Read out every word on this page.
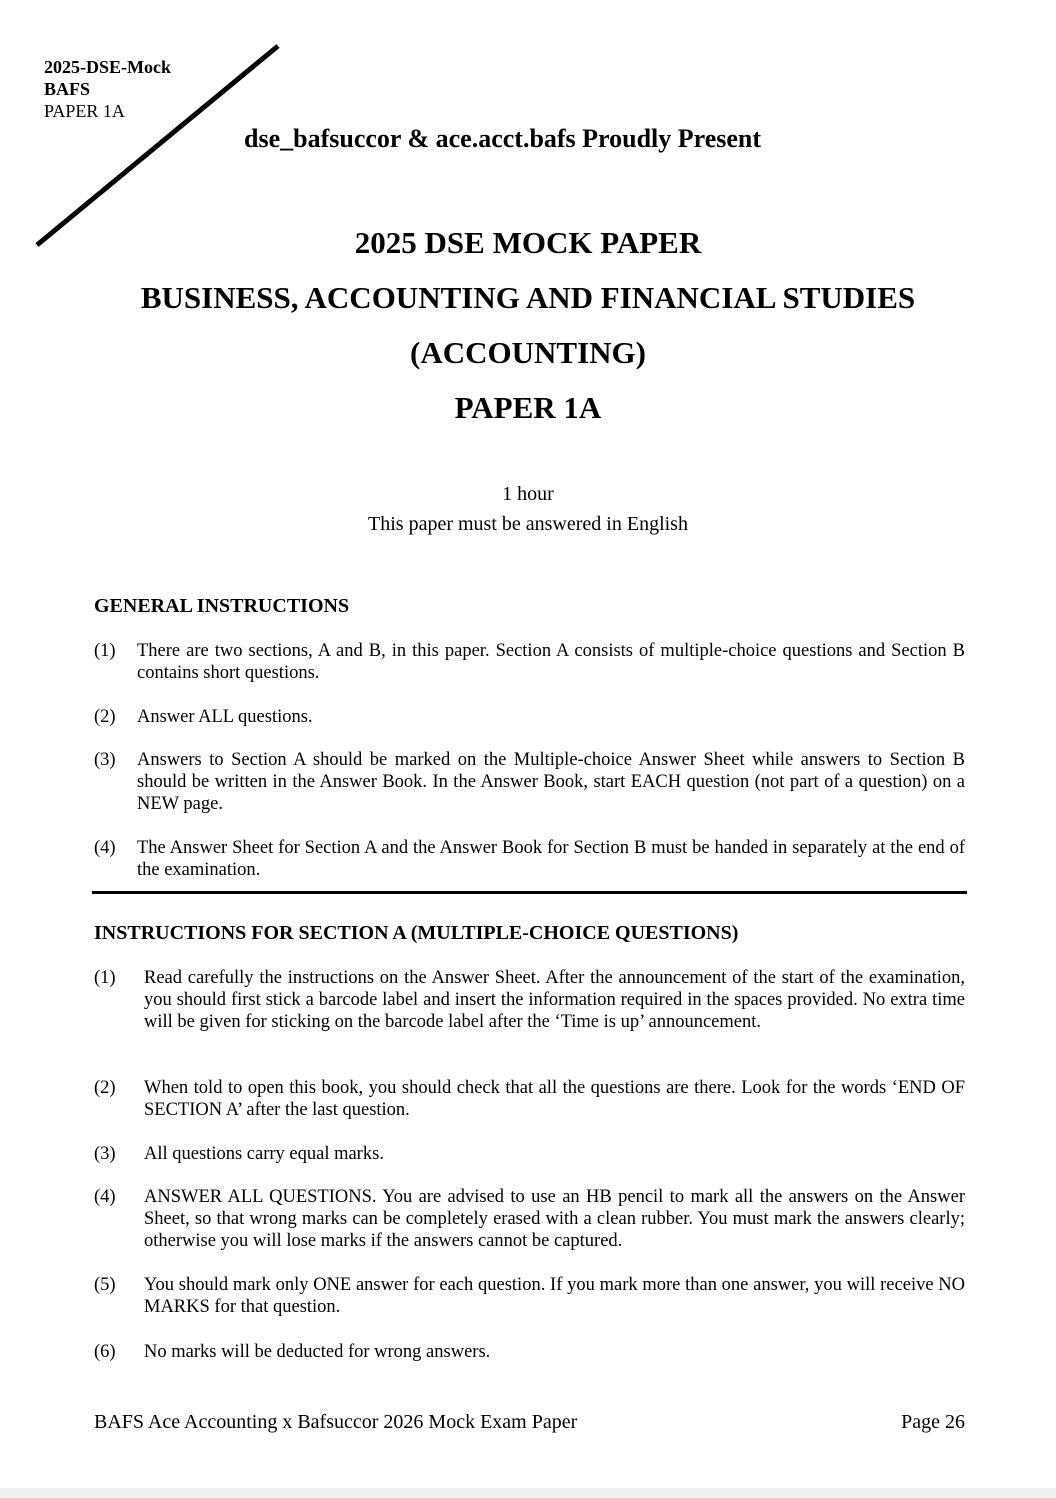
2025-DSE-Mock
BAFS
PAPER 1A
dse_bafsuccor & ace.acct.bafs Proudly Present
2025 DSE MOCK PAPER
BUSINESS, ACCOUNTING AND FINANCIAL STUDIES
(ACCOUNTING)
PAPER 1A
1 hour
This paper must be answered in English
GENERAL INSTRUCTIONS
(1) There are two sections, A and B, in this paper. Section A consists of multiple-choice questions and Section B contains short questions.
(2) Answer ALL questions.
(3) Answers to Section A should be marked on the Multiple-choice Answer Sheet while answers to Section B should be written in the Answer Book. In the Answer Book, start EACH question (not part of a question) on a NEW page.
(4) The Answer Sheet for Section A and the Answer Book for Section B must be handed in separately at the end of the examination.
INSTRUCTIONS FOR SECTION A (MULTIPLE-CHOICE QUESTIONS)
(1) Read carefully the instructions on the Answer Sheet. After the announcement of the start of the examination, you should first stick a barcode label and insert the information required in the spaces provided. No extra time will be given for sticking on the barcode label after the ‘Time is up’ announcement.
(2) When told to open this book, you should check that all the questions are there. Look for the words ‘END OF SECTION A’ after the last question.
(3) All questions carry equal marks.
(4) ANSWER ALL QUESTIONS. You are advised to use an HB pencil to mark all the answers on the Answer Sheet, so that wrong marks can be completely erased with a clean rubber. You must mark the answers clearly; otherwise you will lose marks if the answers cannot be captured.
(5) You should mark only ONE answer for each question. If you mark more than one answer, you will receive NO MARKS for that question.
(6) No marks will be deducted for wrong answers.
BAFS Ace Accounting x Bafsuccor 2026 Mock Exam Paper	Page 26
